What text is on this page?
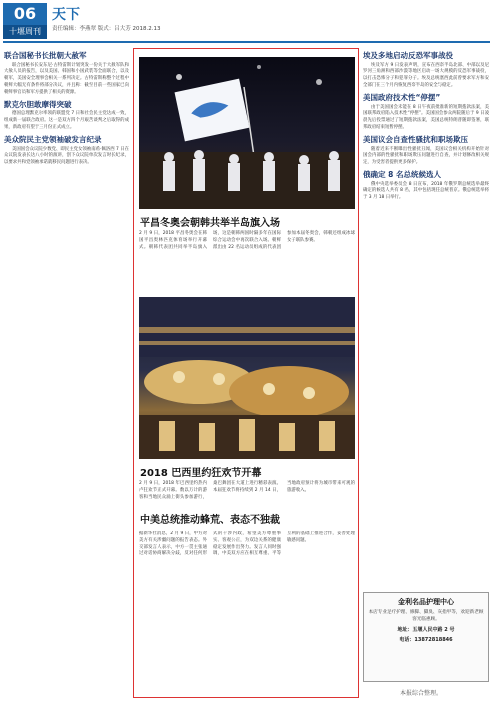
06
十堰周刊
天下
责任编辑：李燕翠 版式：吕大芳 2018.2.13
联合国秘书长批朝大赦军

联合国秘书长安东尼·古特雷斯计划突发一份关于大赦军队和大赦人员的报告，以及美国、韩国和小国武装等全面联合，以及朝军，美国安全理事会相关一系列决定。古特雷斯称整个过程中朝鲜大幅无有条件将部分决议，并且称：截至目前一些国家已向朝鲜事官员和军方提供了相关的资源。

默克尔胆敢摩得突破

德国总理默克尔率领的联盟党 7 日和社会民主党达成一致，组成新一届联合政府。这一是双方四个月艰苦谈判之后取得的成果，新政府有望于三月份正式成立。

美众院民主党领袖破发言纪录

美国国会众议院少数党、即民主党女领袖南希·佩洛西 7 日在众议院发表长达八小时的演讲，创下众议院单次发言时长纪录，以要求共和党领袖承诺就移民问题进行表决。

平昌冬奥会朝韩共举半岛旗入场

2 月 9 日，2018 平昌冬奥会在韩国平昌奥林匹克体育场举行开幕式。朝韩代表团共同举半岛旗入场，这是朝韩两国时隔多年在国际综合运动会中再次联合入场。朝鲜派出由 22 名运动员组成的代表团参加本届冬奥会，韩朝还组成冰球女子联队参赛。

2018 巴西里约狂欢节开幕

2 月 9 日，2018 年巴西里约热内卢狂欢节正式开幕。数以万计的游客和当地民众涌上街头参加游行，桑巴舞团在大道上进行精彩表演。本届狂欢节将持续到 2 月 14 日，当地政府预计将为城市带来可观的旅游收入。

中美总统推动蜂荒、表态不独裁

据新华社消息，2 月 9 日，中方对美方有关涉疆问题的报告表态。外交部发言人表示，中方一贯主张通过对话协商解决分歧，反对任何形式的干涉内政，希望美方尊重事实、客观公正，为双边关系的健康稳定发展作出努力。发言人同时强调，中美双方应在相互尊重、平等互利的基础上推进合作，妥善处理敏感问题。

埃及多地启动反恐军事战役

埃及军方 9 日发表声明，宣布在西奈半岛北部、中部以及尼罗河三角洲和西部沙漠等地区启动一场大规模的反恐军事战役，以打击恐怖分子和犯罪分子。埃及总统塞西此前曾要求军方和安全部门在三个月内恢复西奈半岛的安全与稳定。

美国政府技术性“停摆”

由于美国国会未能在 8 日午夜前批准新的短期拨款法案，美国联邦政府陷入技术性“停摆”。美国国会参众两院随后于 9 日凌晨先后投票通过了短期拨款法案，美国总统特朗普随即签署，联邦政府结束短暂停摆。

美国议会自查性骚扰和职场欺压

随着近来不断曝出性骚扰丑闻，美国议会相关机构开始针对国会内部的性骚扰和职场欺压问题进行自查，并计划修改相关规定，为受害者提供更多保护。

俄确定 8 名总统候选人

俄中央选举委员会 8 日宣布，2018 年俄罗斯总统选举最终确定的候选人共有 8 名，其中包括现任总统普京。俄总统选举将于 3 月 18 日举行。

金利名品护理中心
本店专业足疗护理、修脚、脚臭、灰指甲等，欢迎新老顾客光临惠顾。
地址：五堰人民中路 2 号
电话：13872818846
本报综合整理。
